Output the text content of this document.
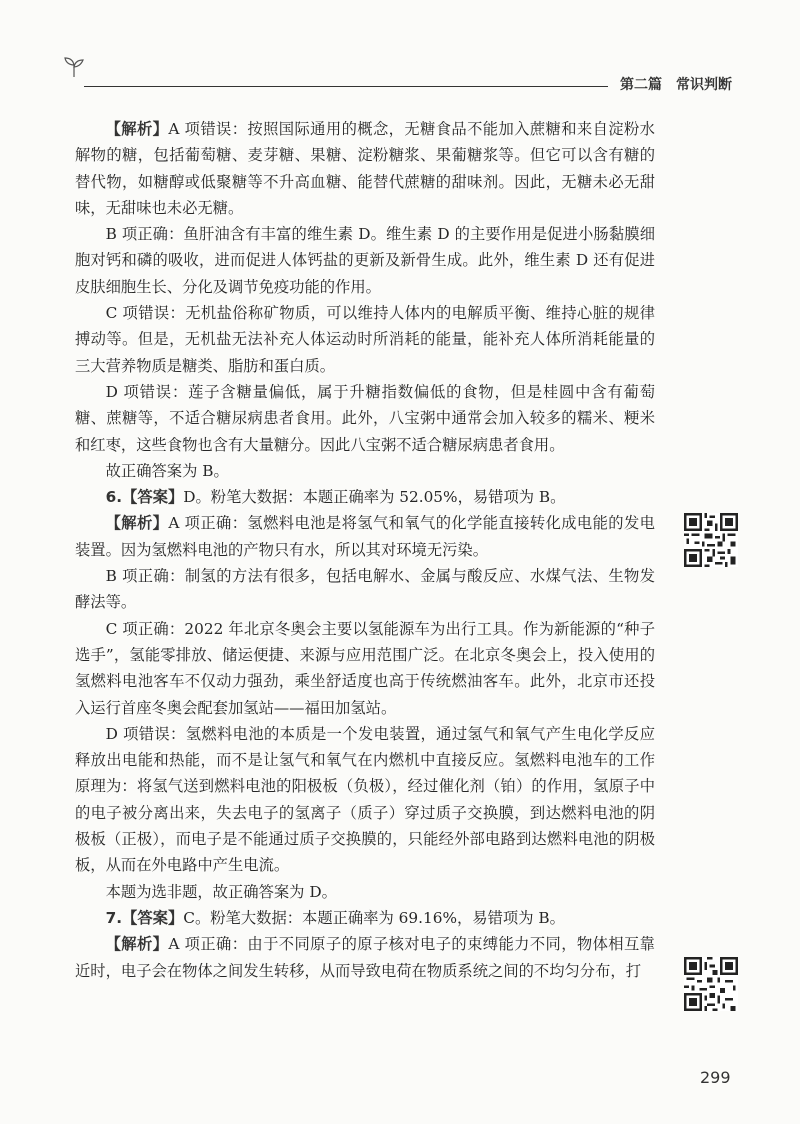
第二篇　常识判断

【解析】A 项错误：按照国际通用的概念，无糖食品不能加入蔗糖和来自淀粉水解物的糖，包括葡萄糖、麦芽糖、果糖、淀粉糖浆、果葡糖浆等。但它可以含有糖的替代物，如糖醇或低聚糖等不升高血糖、能替代蔗糖的甜味剂。因此，无糖未必无甜味，无甜味也未必无糖。

B 项正确：鱼肝油含有丰富的维生素 D。维生素 D 的主要作用是促进小肠黏膜细胞对钙和磷的吸收，进而促进人体钙盐的更新及新骨生成。此外，维生素 D 还有促进皮肤细胞生长、分化及调节免疫功能的作用。

C 项错误：无机盐俗称矿物质，可以维持人体内的电解质平衡、维持心脏的规律搏动等。但是，无机盐无法补充人体运动时所消耗的能量，能补充人体所消耗能量的三大营养物质是糖类、脂肪和蛋白质。

D 项错误：莲子含糖量偏低，属于升糖指数偏低的食物，但是桂圆中含有葡萄糖、蔗糖等，不适合糖尿病患者食用。此外，八宝粥中通常会加入较多的糯米、粳米和红枣，这些食物也含有大量糖分。因此八宝粥不适合糖尿病患者食用。

故正确答案为 B。

6.【答案】D。粉笔大数据：本题正确率为 52.05%，易错项为 B。

【解析】A 项正确：氢燃料电池是将氢气和氧气的化学能直接转化成电能的发电装置。因为氢燃料电池的产物只有水，所以其对环境无污染。

B 项正确：制氢的方法有很多，包括电解水、金属与酸反应、水煤气法、生物发酵法等。

C 项正确：2022 年北京冬奥会主要以氢能源车为出行工具。作为新能源的“种子选手”，氢能零排放、储运便捷、来源与应用范围广泛。在北京冬奥会上，投入使用的氢燃料电池客车不仅动力强劲，乘坐舒适度也高于传统燃油客车。此外，北京市还投入运行首座冬奥会配套加氢站——福田加氢站。

D 项错误：氢燃料电池的本质是一个发电装置，通过氢气和氧气产生电化学反应释放出电能和热能，而不是让氢气和氧气在内燃机中直接反应。氢燃料电池车的工作原理为：将氢气送到燃料电池的阳极板（负极），经过催化剂（铂）的作用，氢原子中的电子被分离出来，失去电子的氢离子（质子）穿过质子交换膜，到达燃料电池的阴极板（正极），而电子是不能通过质子交换膜的，只能经外部电路到达燃料电池的阴极板，从而在外电路中产生电流。

本题为选非题，故正确答案为 D。

7.【答案】C。粉笔大数据：本题正确率为 69.16%，易错项为 B。

【解析】A 项正确：由于不同原子的原子核对电子的束缚能力不同，物体相互靠近时，电子会在物体之间发生转移，从而导致电荷在物质系统之间的不均匀分布，打

299
